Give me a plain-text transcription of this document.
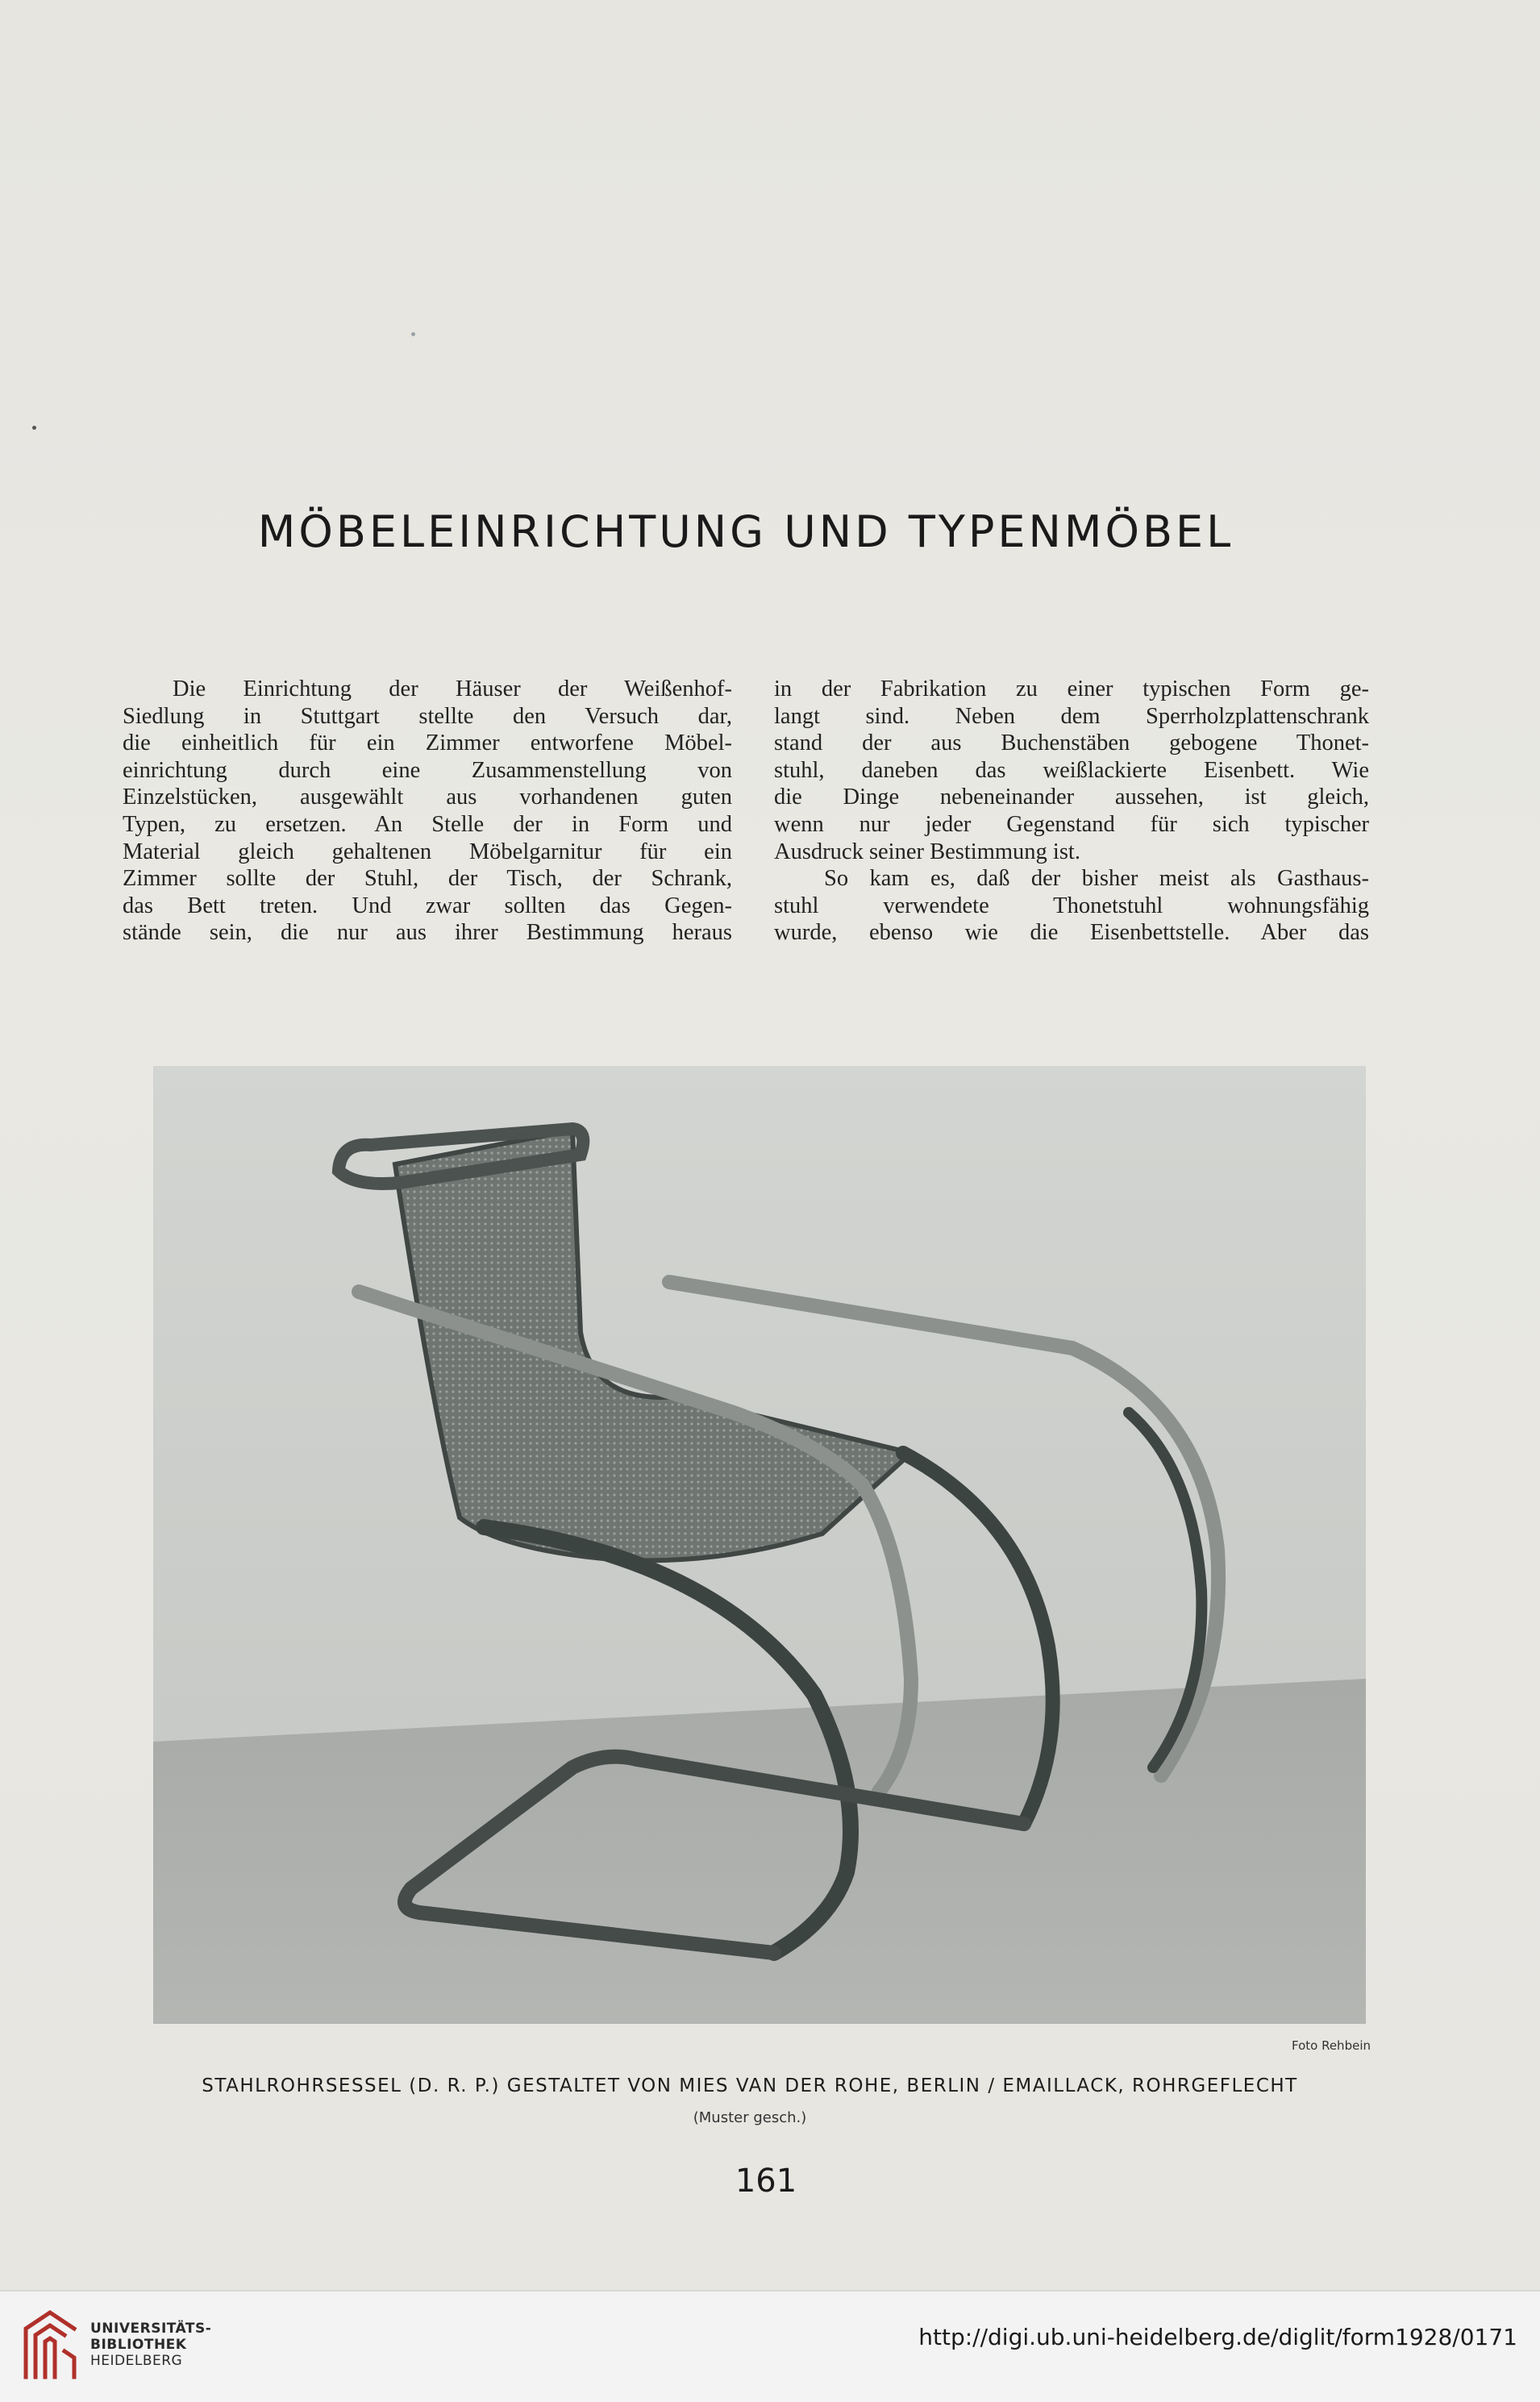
MÖBELEINRICHTUNG UND TYPENMÖBEL
Die Einrichtung der Häuser der Weißenhof-
Siedlung in Stuttgart stellte den Versuch dar,
die einheitlich für ein Zimmer entworfene Möbel-
einrichtung durch eine Zusammenstellung von
Einzelstücken, ausgewählt aus vorhandenen guten
Typen, zu ersetzen. An Stelle der in Form und
Material gleich gehaltenen Möbelgarnitur für ein
Zimmer sollte der Stuhl, der Tisch, der Schrank,
das Bett treten. Und zwar sollten das Gegen-
stände sein, die nur aus ihrer Bestimmung heraus
in der Fabrikation zu einer typischen Form ge-
langt sind. Neben dem Sperrholzplattenschrank
stand der aus Buchenstäben gebogene Thonet-
stuhl, daneben das weißlackierte Eisenbett. Wie
die Dinge nebeneinander aussehen, ist gleich,
wenn nur jeder Gegenstand für sich typischer
Ausdruck seiner Bestimmung ist.
So kam es, daß der bisher meist als Gasthaus-
stuhl verwendete Thonetstuhl wohnungsfähig
wurde, ebenso wie die Eisenbettstelle. Aber das
Foto Rehbein
STAHLROHRSESSEL (D. R. P.) GESTALTET VON MIES VAN DER ROHE, BERLIN / EMAILLACK, ROHRGEFLECHT
(Muster gesch.)
161
UNIVERSITÄTS-
BIBLIOTHEK
HEIDELBERG
http://digi.ub.uni-heidelberg.de/diglit/form1928/0171
